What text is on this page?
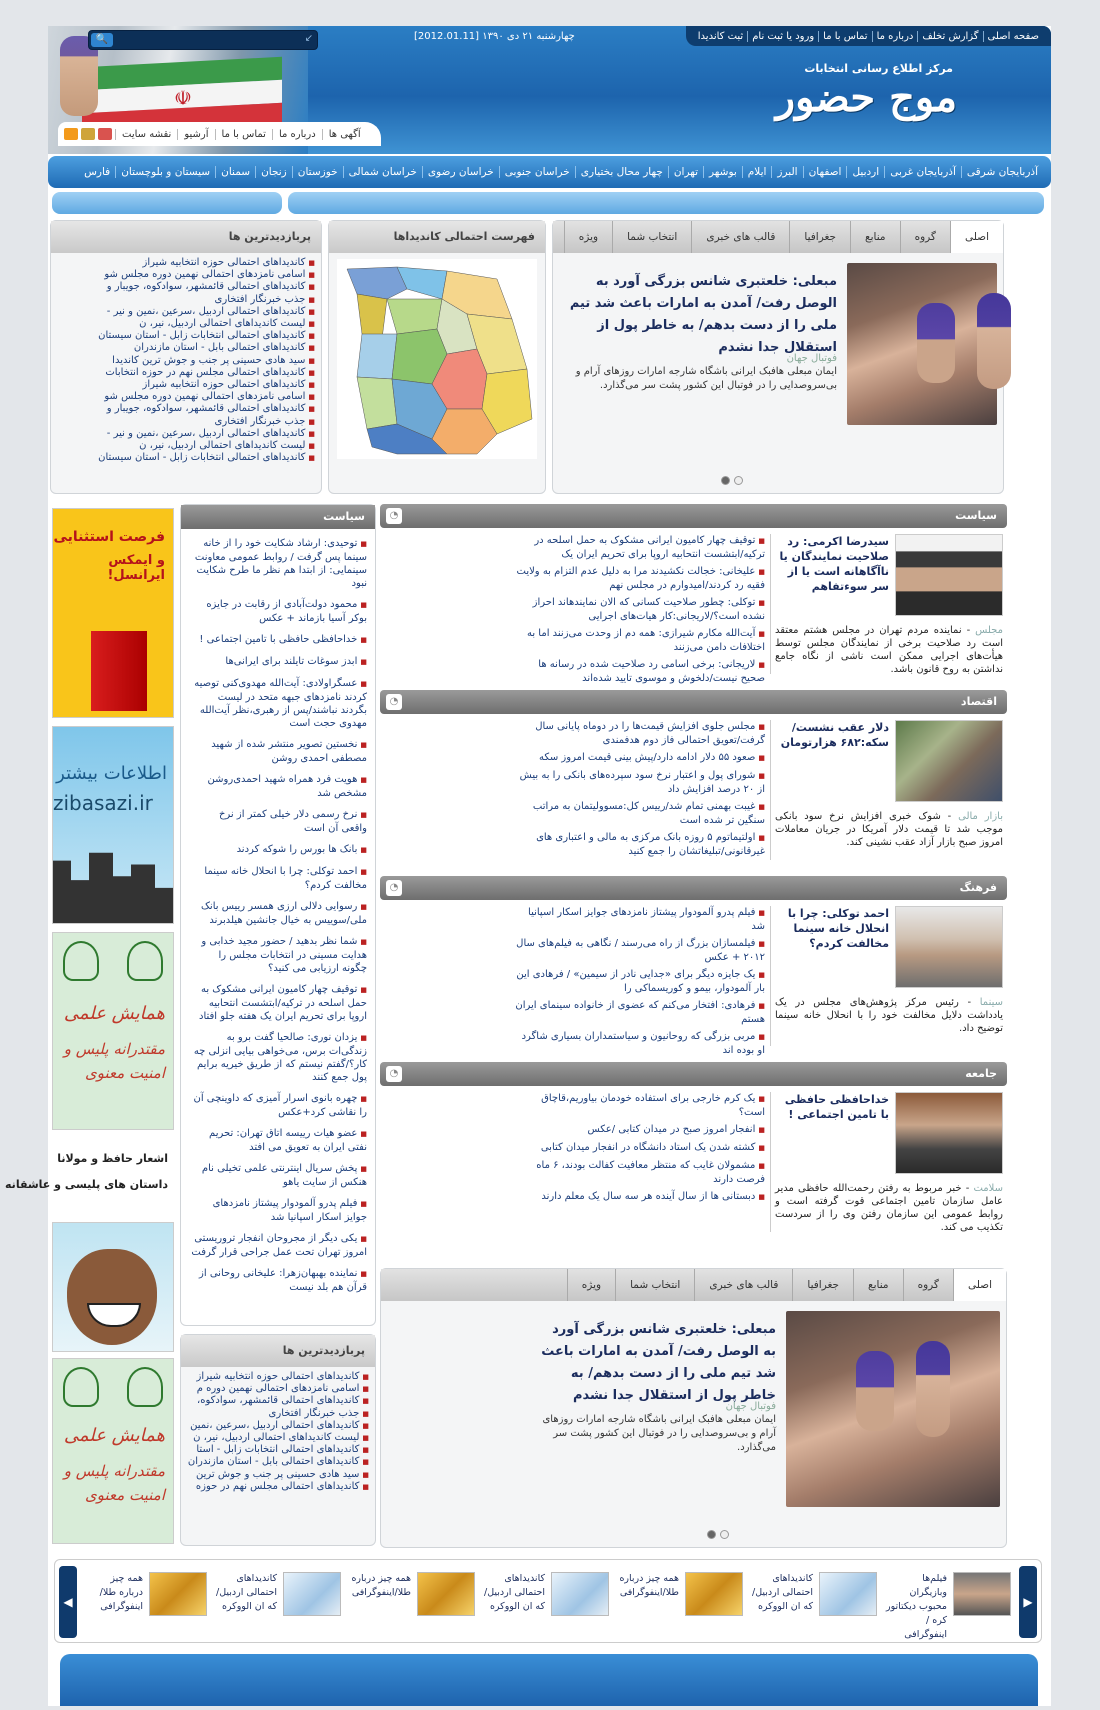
☫
صفحه اصلی
گزارش تخلف
درباره ما
تماس با ما
ورود یا ثبت نام
ثبت کاندیدا
چهارشنبه ۲۱ دی ۱۳۹۰ [2012.01.11]
🔍	↙
مرکز اطلاع رسانی انتخابات
موج حضور
آگهی ها
درباره ما
تماس با ما
آرشیو
نقشه سایت
آذربایجان شرقی
آذربایجان غربی
اردبیل
اصفهان
البرز
ایلام
بوشهر
تهران
چهار محال بختیاری
خراسان جنوبی
خراسان رضوی
خراسان شمالی
خوزستان
زنجان
سمنان
سیستان و بلوچستان
فارس
اصلی
گروه
منابع
جغرافیا
قالب های خبری
انتخاب شما
ویژه
مبعلی: خلعتبری شانس بزرگی آورد به الوصل رفت/ آمدن به امارات باعث شد تیم ملی را از دست بدهم/ به خاطر پول از استقلال جدا نشدم
فوتبال جهان
ایمان مبعلی هافبک ایرانی باشگاه شارجه امارات روزهای آرام و بی‌سروصدایی را در فوتبال این کشور پشت سر می‌گذارد.
فهرست احتمالی کاندیداها
پربازدیدترین ها
■ کاندیداهای احتمالی حوزه انتخابیه شیراز
■ اسامی نامزدهای احتمالی نهمین دوره مجلس شو
■ کاندیداهای احتمالی قائمشهر، سوادکوه، جویبار و
■ جذب خبرنگار افتخاری
■ کاندیداهای احتمالی اردبیل ،سرعین ،نمین و نیر -
■ لیست کاندیداهای احتمالی اردبیل، نیر، ن
■ کاندیداهای احتمالی انتخابات زابل - استان سیستان
■ کاندیداهای احتمالی بابل - استان مازندران
■ سید هادی حسینی پر جنب و جوش ترین کاندیدا
■ کاندیداهای احتمالی مجلس نهم در حوزه انتخابات
■ کاندیداهای احتمالی حوزه انتخابیه شیراز
■ اسامی نامزدهای احتمالی نهمین دوره مجلس شو
■ کاندیداهای احتمالی قائمشهر، سوادکوه، جویبار و
■ جذب خبرنگار افتخاری
■ کاندیداهای احتمالی اردبیل ،سرعین ،نمین و نیر -
■ لیست کاندیداهای احتمالی اردبیل، نیر، ن
■ کاندیداهای احتمالی انتخابات زابل - استان سیستان
فرصت استثنایی
و ایمکس ایرانسل!
اطلاعات بیشتر
zibasazi.ir
همایش علمی
مقتدرانه پلیس و امنیت معنوی
اشعار حافظ و مولانا
داستان های پلیسی و عاشقانه
همایش علمی
مقتدرانه پلیس و امنیت معنوی
سیاست
■ توحیدی: ارشاد شکایت خود را از خانه سینما پس گرفت / روابط عمومی معاونت سینمایی: از ابتدا هم نظر ما طرح شکایت نبود
■ محمود دولت‌آبادی از رقابت در جایزه بوکر آسیا بازماند + عکس
■ خداحافظی حافظی با تامین اجتماعی !
■ ابدز سوغات تایلند برای ایرانی‌ها
■ عسگراولادی: آیت‌الله مهدوی‌کنی توصیه کردند نامزدهای جبهه متحد در لیست بگردند نباشند/پس از رهبری،نظر آیت‌الله مهدوی حجت است
■ نخستین تصویر منتشر شده از شهید مصطفی احمدی روشن
■ هویت فرد همراه شهید احمدی‌روشن مشخص شد
■ نرخ رسمی دلار خیلی کمتر از نرخ واقعی آن است
■ بانک ها بورس را شوکه کردند
■ احمد توکلی: چرا با انحلال خانه سینما مخالفت کردم؟
■ رسوایی دلالی ارزی همسر رییس بانک ملی/سوییس به خیال جانشین هیلدبرند
■ شما نظر بدهید / حضور مجید خدابی و هدایت مسینی در انتخابات مجلس را چگونه ارزیابی می کنید؟
■ توقیف چهار کامیون ایرانی مشکوک به حمل اسلحه در ترکیه/ابتشست انتحابیه اروپا برای تحریم ایران یک هفته جلو افتاد
■ یزدان نوری: صالحیا گفت برو به زندگی‌ات برس، می‌خواهی بیایی انزلی چه کار؟/گفتم نیستم که از طریق خیریه برایم پول جمع کنند
■ چهره بانوی اسرار آمیزی که داوینچی آن را نقاشی کرد+عکس
■ عضو هیات رییسه اتاق تهران: تحریم نفتی ایران به تعویق می افتد
■ پخش سریال اینترنتی علمی تخیلی نام هنکس از سایت یاهو
■ فیلم پدرو آلمودوار پیشتاز نامزدهای جوایز اسکار اسپانیا شد
■ یکی دیگر از مجروحان انفجار تروریستی امروز تهران تحت عمل جراحی قرار گرفت
■ نماینده بهبهان‌زهرا: علیخانی روحانی از قرآن هم بلد نیست
پربازدیدترین ها
■ کاندیداهای احتمالی حوزه انتخابیه شیراز
■ اسامی نامزدهای احتمالی نهمین دوره م
■ کاندیداهای احتمالی قائمشهر، سوادکوه،
■ جذب خبرنگار افتخاری
■ کاندیداهای احتمالی اردبیل ،سرعین ،نمین
■ لیست کاندیداهای احتمالی اردبیل، نیر، ن
■ کاندیداهای احتمالی انتخابات زابل - استا
■ کاندیداهای احتمالی بابل - استان مازندران
■ سید هادی حسینی پر جنب و جوش ترین
■ کاندیداهای احتمالی مجلس نهم در حوزه
سیاست
◔
سیدرضا اکرمی: رد صلاحیت نمایندگان یا ناآگاهانه است یا از سر سوء‌تفاهم
مجلس - نماینده مردم تهران در مجلس هشتم معتقد است رد صلاحیت برخی از نمایندگان مجلس توسط هیأت‌های اجرایی ممکن است ناشی از نگاه جامع نداشتن به روح قانون باشد.
■ توقیف چهار کامیون ایرانی مشکوک به حمل اسلحه در ترکیه/ابتشست انتحابیه اروپا برای تحریم ایران یک
■ علیخانی: خجالت نکشیدند مرا به دلیل عدم التزام به ولایت فقیه رد کردند/امیدوارم در مجلس نهم
■ توکلی: چطور صلاحیت کسانی که الان نمایندهاند احراز نشده است؟/لاریجانی:کار هیات‌های اجرایی
■ آیت‌الله مکارم شیرازی: همه دم از وحدت می‌زنند اما به اختلافات دامن می‌زنند
■ لاریجانی: برخی اسامی رد صلاحیت شده در رسانه ها صحیح نیست/دلخوش و موسوی تایید شده‌اند
اقتصاد
◔
دلار عقب نشست/سکه:۶۸۲ هزارتومان
بازار مالی - شوک خبری افزایش نرخ سود بانکی موجب شد تا قیمت دلار آمریکا در جریان معاملات امروز صبح بازار آزاد عقب نشینی کند.
■ مجلس جلوی افزایش قیمت‌ها را در دوماه پایانی سال گرفت/تعویق احتمالی فاز دوم هدفمندی
■ صعود ۵۵ دلار ادامه دارد/پیش بینی قیمت امروز سکه
■ شورای پول و اعتبار نرخ سود سپرده‌های بانکی را به بیش از ۲۰ درصد افزایش داد
■ غیبت بهمنی تمام شد/رییس کل:مسوولیتمان به مراتب سنگین تر شده است
■ اولتیماتوم ۵ روزه بانک مرکزی به مالی و اعتباری های غیرقانونی/تبلیغاتشان را جمع کنید
فرهنگ
◔
احمد توکلی: چرا با انحلال خانه سینما مخالفت کردم؟
سینما - رئیس مرکز پژوهش‌های مجلس در یک یادداشت دلایل مخالفت خود را با انحلال خانه سینما توضیح داد.
■ فیلم پدرو آلمودوار پیشتاز نامزدهای جوایز اسکار اسپانیا شد
■ فیلمسازان بزرگ از راه می‌رسند / نگاهی به فیلم‌های سال ۲۰۱۲ + عکس
■ یک جایزه دیگر برای «جدایی نادر از سیمین» / فرهادی این بار آلمودوار، بیمو و کوریسماکی را
■ فرهادی: افتخار می‌کنم که عضوی از خانواده سینمای ایران هستم
■ مربی بزرگی که روحانیون و سیاستمداران بسیاری شاگرد او بوده اند
جامعه
◔
خداحافظی حافظی با تامین اجتماعی !
سلامت - خبر مربوط به رفتن رحمت‌الله حافظی مدیر عامل سازمان تامین اجتماعی قوت گرفته است و روابط عمومی این سازمان رفتن وی را از سردست تکذیب می کند.
■ یک کرم خارجی برای استفاده خودمان بیاوریم،قاچاق است؟
■ انفجار امروز صبح در میدان کتابی /عکس
■ کشته شدن یک استاد دانشگاه در انفجار میدان کتابی
■ مشمولان غایب که منتظر معافیت کفالت بودند، ۶ ماه فرصت دارند
■ دبستانی ها از سال آینده هر سه سال یک معلم دارند
اصلی
گروه
منابع
جغرافیا
قالب های خبری
انتخاب شما
ویژه
مبعلی: خلعتبری شانس بزرگی آورد به الوصل رفت/ آمدن به امارات باعث شد تیم ملی را از دست بدهم/ به خاطر پول از استقلال جدا نشدم
فوتبال جهان
ایمان مبعلی هافبک ایرانی باشگاه شارجه امارات روزهای آرام و بی‌سروصدایی را در فوتبال این کشور پشت سر می‌گذارد.
▶
◀
فیلم‌ها وبازیگران محبوب ديكتاتور كره / اينفوگرافی
کاندیداهای احتمالی اردبیل/ كه ان الووكره
همه چیز درباره طلا/اينفوگرافی
کاندیداهای احتمالی اردبیل/ كه ان الووكره
همه چیز درباره طلا/اينفوگرافی
کاندیداهای احتمالی اردبیل/ كه ان الووكره
همه چیز درباره طلا/اينفوگرافی
